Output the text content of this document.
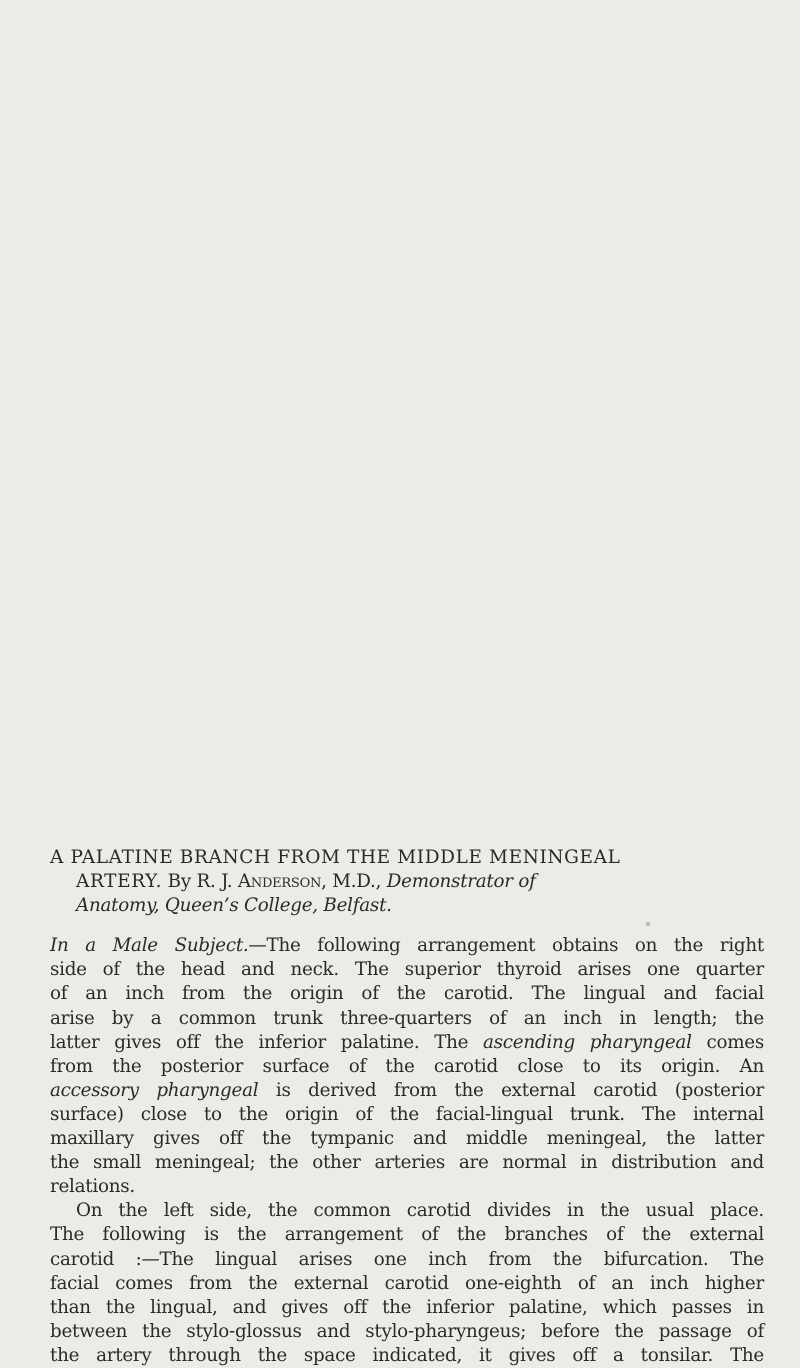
A PALATINE BRANCH FROM THE MIDDLE MENINGEAL
ARTERY. By R. J. Anderson, M.D., Demonstrator of
Anatomy, Queen’s College, Belfast.
In a Male Subject.—The following arrangement obtains on the right
side of the head and neck. The superior thyroid arises one quarter
of an inch from the origin of the carotid. The lingual and facial
arise by a common trunk three-quarters of an inch in length; the
latter gives off the inferior palatine. The ascending pharyngeal comes
from the posterior surface of the carotid close to its origin. An
accessory pharyngeal is derived from the external carotid (posterior
surface) close to the origin of the facial-lingual trunk. The internal
maxillary gives off the tympanic and middle meningeal, the latter
the small meningeal; the other arteries are normal in distribution and
relations.
On the left side, the common carotid divides in the usual place.
The following is the arrangement of the branches of the external
carotid :—The lingual arises one inch from the bifurcation. The
facial comes from the external carotid one-eighth of an inch higher
than the lingual, and gives off the inferior palatine, which passes in
between the stylo-glossus and stylo-pharyngeus; before the passage of
the artery through the space indicated, it gives off a tonsilar. The
